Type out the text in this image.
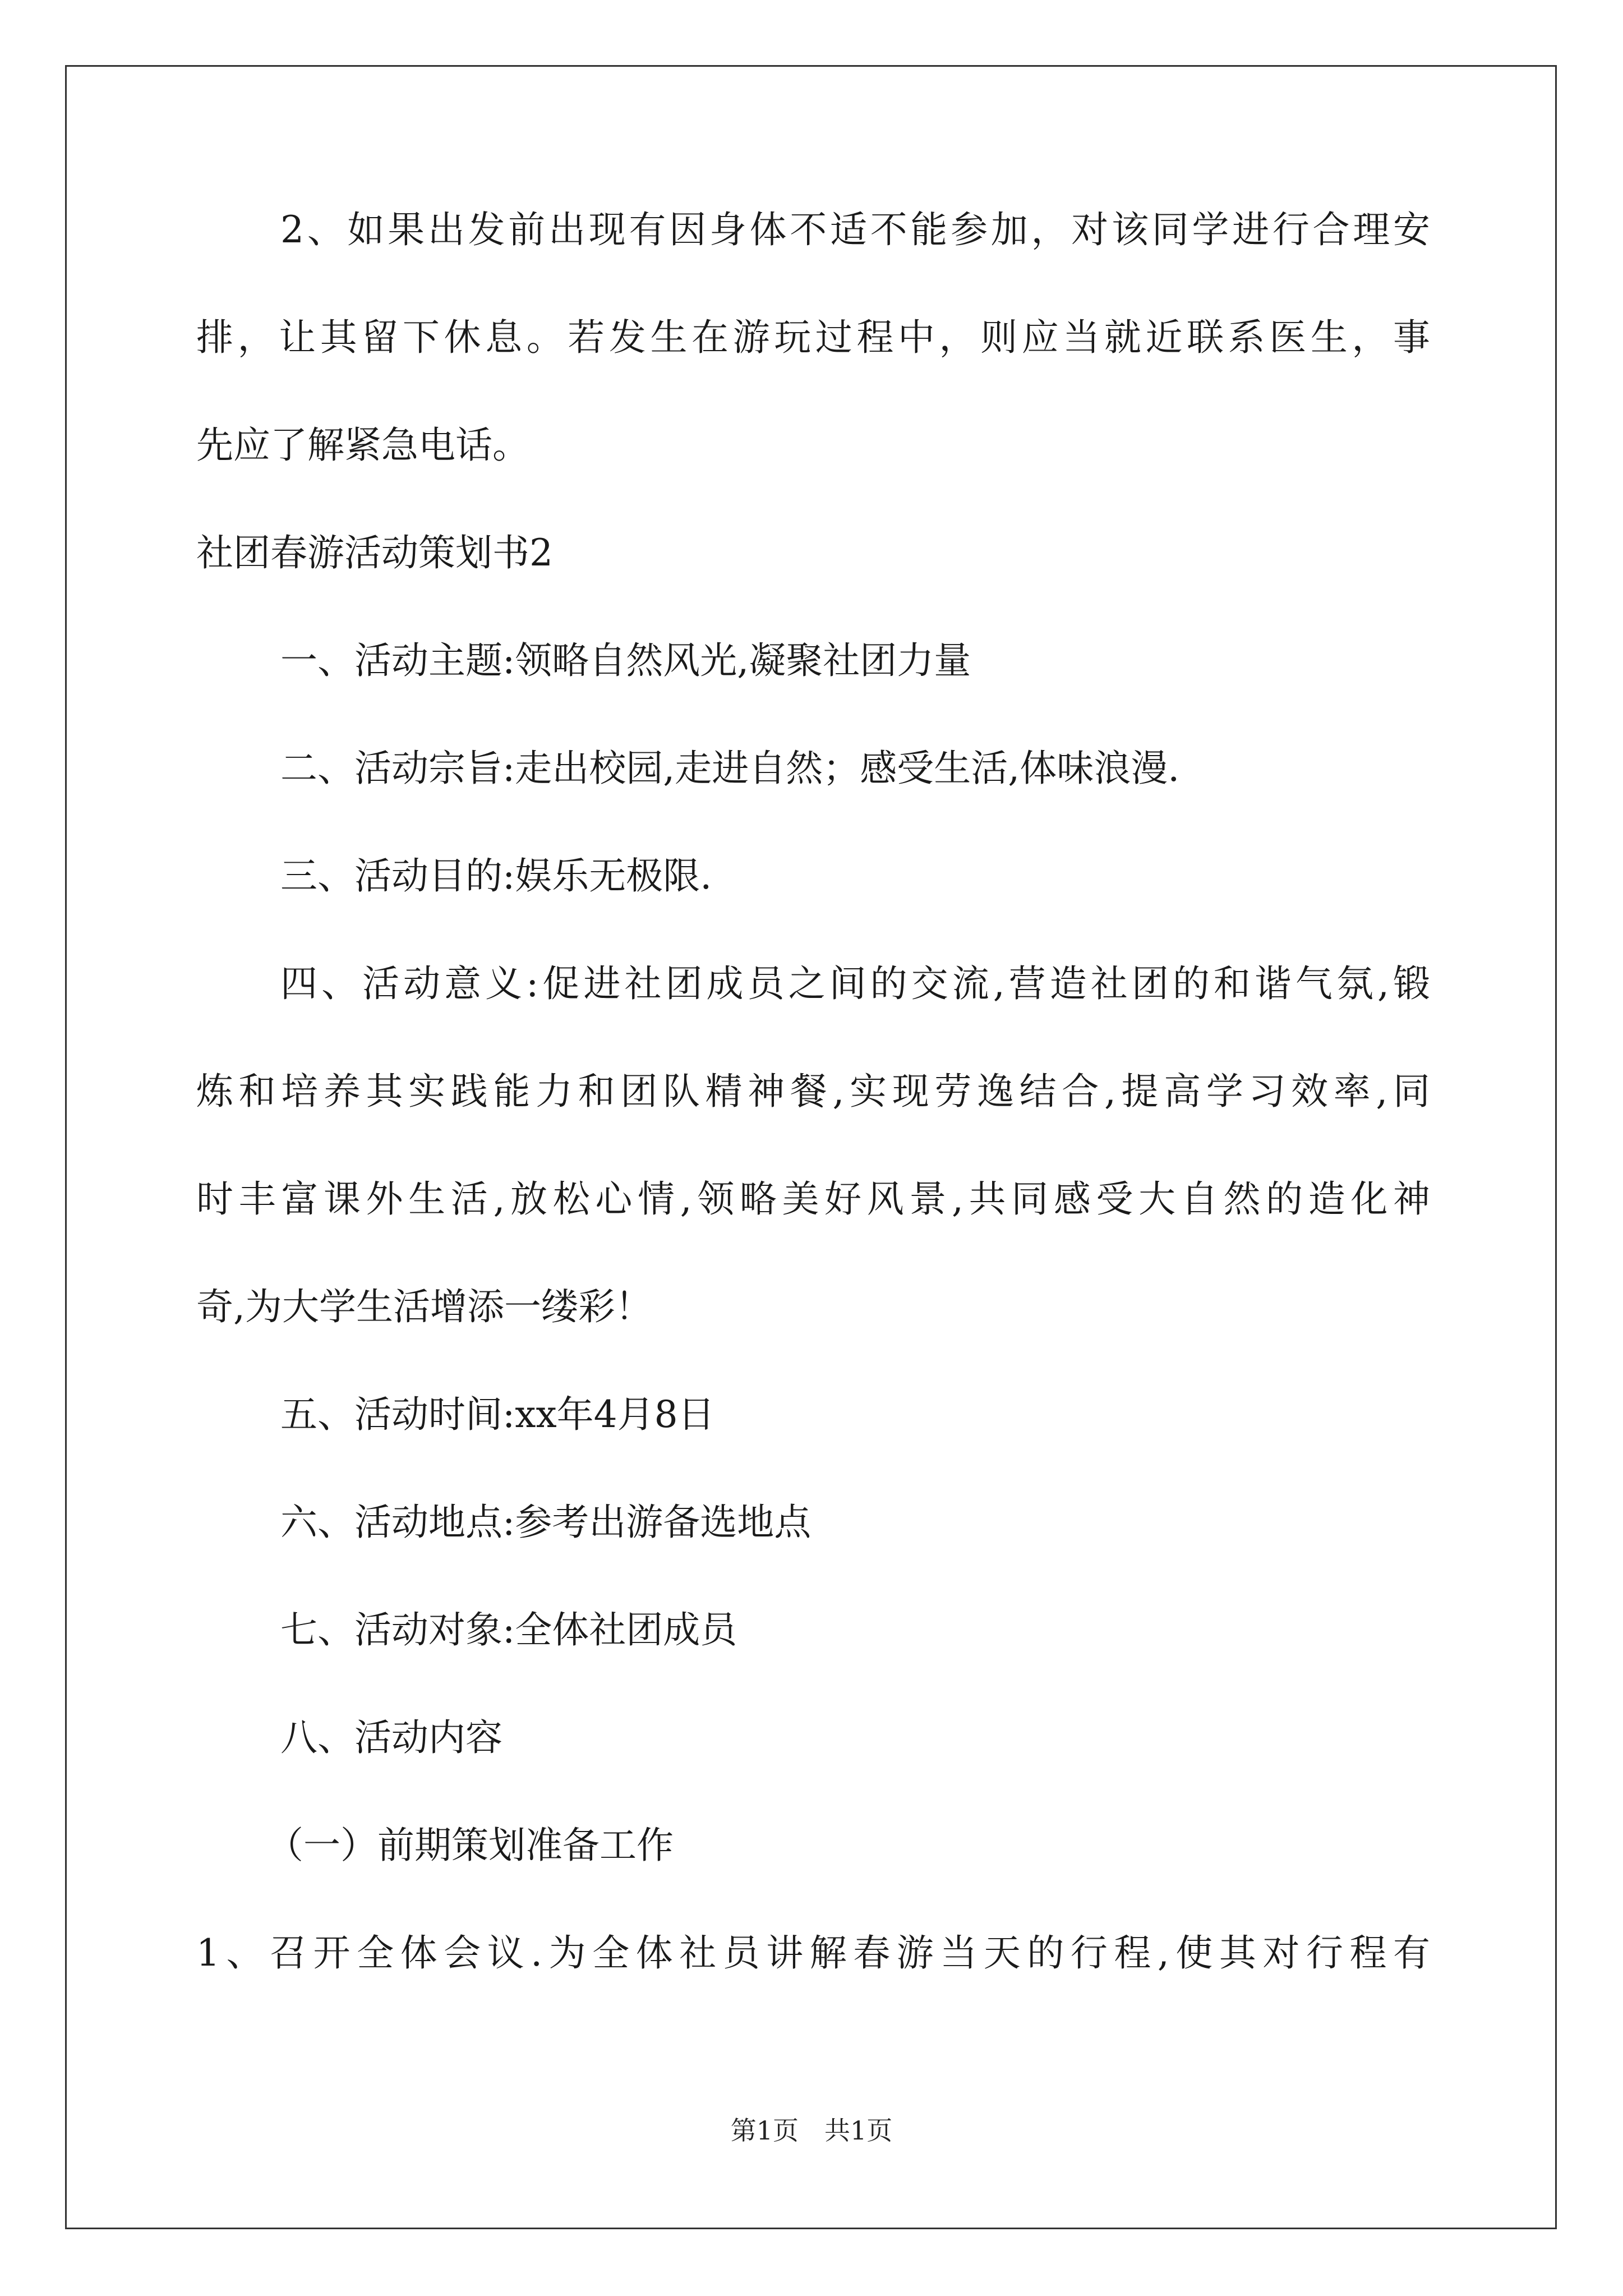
2、如果出发前出现有因身体不适不能参加，对该同学进行合理安
排，让其留下休息。若发生在游玩过程中，则应当就近联系医生，事
先应了解紧急电话。
社团春游活动策划书2
一、活动主题:领略自然风光,凝聚社团力量
二、活动宗旨:走出校园,走进自然；感受生活,体味浪漫.
三、活动目的:娱乐无极限.
四、活动意义:促进社团成员之间的交流,营造社团的和谐气氛,锻
炼和培养其实践能力和团队精神餐,实现劳逸结合,提高学习效率,同
时丰富课外生活,放松心情,领略美好风景,共同感受大自然的造化神
奇,为大学生活增添一缕彩！
五、活动时间:xx年4月8日
六、活动地点:参考出游备选地点
七、活动对象:全体社团成员
八、活动内容
（一）前期策划准备工作
1、召开全体会议.为全体社员讲解春游当天的行程,使其对行程有
第1页　共1页
